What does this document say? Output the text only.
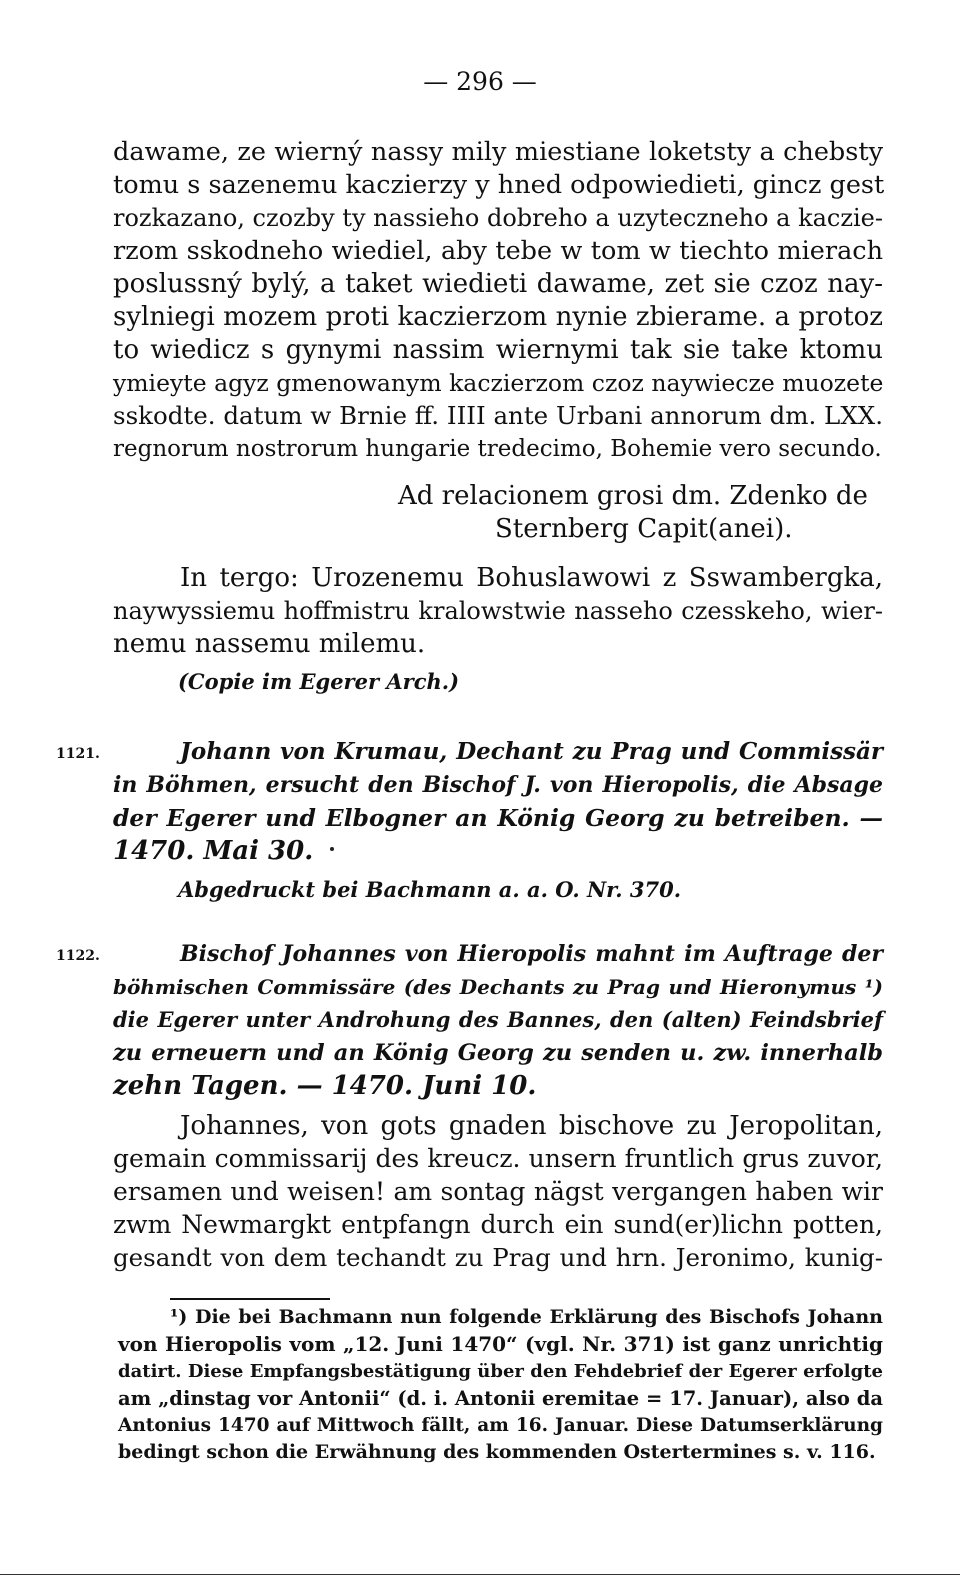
— 296 —
dawame, ze wierný nassy mily miestiane loketsty a chebsty
tomu s sazenemu kaczierzy y hned odpowiedieti, gincz gest
rozkazano, czozby ty nassieho dobreho a uzyteczneho a kaczie-
rzom sskodneho wiediel, aby tebe w tom w tiechto mierach
poslussný bylý, a taket wiedieti dawame, zet sie czoz nay-
sylniegi mozem proti kaczierzom nynie zbierame. a protoz
to wiedicz s gynymi nassim wiernymi tak sie take ktomu
ymieyte agyz gmenowanym kaczierzom czoz naywiecze muozete
sskodte. datum w Brnie ff. IIII ante Urbani annorum dm. LXX.
regnorum nostrorum hungarie tredecimo, Bohemie vero secundo.
Ad relacionem grosi dm. Zdenko de
Sternberg Capit(anei).
In tergo: Urozenemu Bohuslawowi z Sswambergka,
naywyssiemu hoffmistru kralowstwie nasseho czesskeho, wier-
nemu nassemu milemu.
(Copie im Egerer Arch.)
1121.	Johann von Krumau, Dechant zu Prag und Commissär
in Böhmen, ersucht den Bischof J. von Hieropolis, die Absage
der Egerer und Elbogner an König Georg zu betreiben. —
1470. Mai 30.
Abgedruckt bei Bachmann a. a. O. Nr. 370.
1122.	Bischof Johannes von Hieropolis mahnt im Auftrage der
böhmischen Commissäre (des Dechants zu Prag und Hieronymus ¹)
die Egerer unter Androhung des Bannes, den (alten) Feindsbrief
zu erneuern und an König Georg zu senden u. zw. innerhalb
zehn Tagen. — 1470. Juni 10.
Johannes, von gots gnaden bischove zu Jeropolitan,
gemain commissarij des kreucz. unsern fruntlich grus zuvor,
ersamen und weisen! am sontag nägst vergangen haben wir
zwm Newmargkt entpfangn durch ein sund(er)lichn potten,
gesandt von dem techandt zu Prag und hrn. Jeronimo, kunig-
¹) Die bei Bachmann nun folgende Erklärung des Bischofs Johann
von Hieropolis vom „12. Juni 1470“ (vgl. Nr. 371) ist ganz unrichtig
datirt. Diese Empfangsbestätigung über den Fehdebrief der Egerer erfolgte
am „dinstag vor Antonii“ (d. i. Antonii eremitae = 17. Januar), also da
Antonius 1470 auf Mittwoch fällt, am 16. Januar. Diese Datumserklärung
bedingt schon die Erwähnung des kommenden Ostertermines s. v. 116.
